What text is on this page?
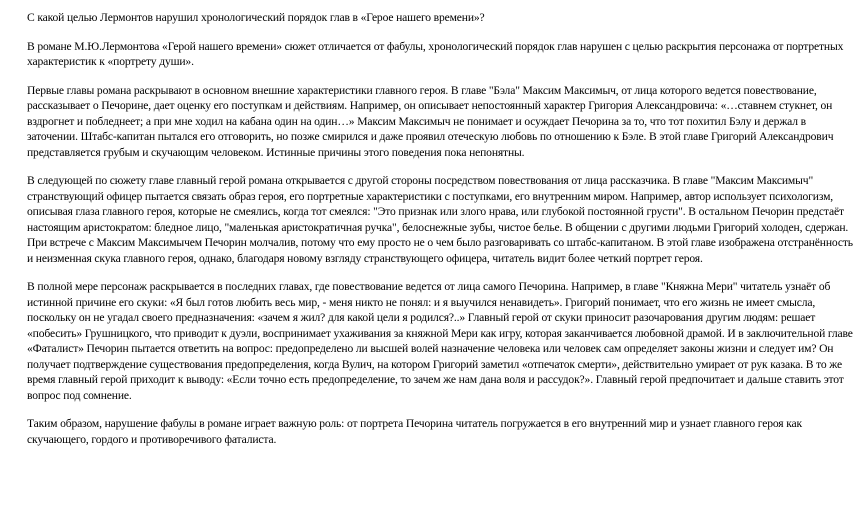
С какой целью Лермонтов нарушил хронологический порядок глав в «Герое нашего времени»?

В романе М.Ю.Лермонтова «Герой нашего времени» сюжет отличается от фабулы, хронологический порядок глав нарушен с целью раскрытия персонажа от портретных характеристик к «портрету души».

Первые главы романа раскрывают в основном внешние характеристики главного героя. В главе "Бэла" Максим Максимыч, от лица которого ведется повествование, рассказывает о Печорине, дает оценку его поступкам и действиям. Например, он описывает непостоянный характер Григория Александровича: «…ставнем стукнет, он вздрогнет и побледнеет; а при мне ходил на кабана один на один…» Максим Максимыч не понимает и осуждает Печорина за то, что тот похитил Бэлу и держал в заточении. Штабс-капитан пытался его отговорить, но позже смирился и даже проявил отеческую любовь по отношению к Бэле. В этой главе Григорий Александрович представляется грубым и скучающим человеком. Истинные причины этого поведения пока непонятны.

В следующей по сюжету главе главный герой романа открывается с другой стороны посредством повествования от лица рассказчика. В главе "Максим Максимыч" странствующий офицер пытается связать образ героя, его портретные характеристики с поступками, его внутренним миром. Например, автор использует психологизм, описывая глаза главного героя, которые не смеялись, когда тот смеялся: "Это признак или злого нрава, или глубокой постоянной грусти". В остальном Печорин предстаёт настоящим аристократом: бледное лицо, "маленькая аристократичная ручка", белоснежные зубы, чистое белье. В общении с другими людьми Григорий холоден, сдержан. При встрече с Максим Максимычем Печорин молчалив, потому что ему просто не о чем было разговаривать со штабс-капитаном. В этой главе изображена отстранённость и неизменная скука главного героя, однако, благодаря новому взгляду странствующего офицера, читатель видит более четкий портрет героя.

В полной мере персонаж раскрывается в последних главах, где повествование ведется от лица самого Печорина. Например, в главе "Княжна Мери" читатель узнаёт об истинной причине его скуки: «Я был готов любить весь мир, - меня никто не понял: и я выучился ненавидеть». Григорий понимает, что его жизнь не имеет смысла, поскольку он не угадал своего предназначения: «зачем я жил? для какой цели я родился?..» Главный герой от скуки приносит разочарования другим людям: решает «побесить» Грушницкого, что приводит к дуэли, воспринимает ухаживания за княжной Мери как игру, которая заканчивается любовной драмой. И в заключительной главе «Фаталист» Печорин пытается ответить на вопрос: предопределено ли высшей волей назначение человека или человек сам определяет законы жизни и следует им? Он получает подтверждение существования предопределения, когда Вулич, на котором Григорий заметил «отпечаток смерти», действительно умирает от рук казака. В то же время главный герой приходит к выводу: «Если точно есть предопределение, то зачем же нам дана воля и рассудок?». Главный герой предпочитает и дальше ставить этот вопрос под сомнение.

Таким образом, нарушение фабулы в романе играет важную роль: от портрета Печорина читатель погружается в его внутренний мир и узнает главного героя как скучающего, гордого и противоречивого фаталиста.
